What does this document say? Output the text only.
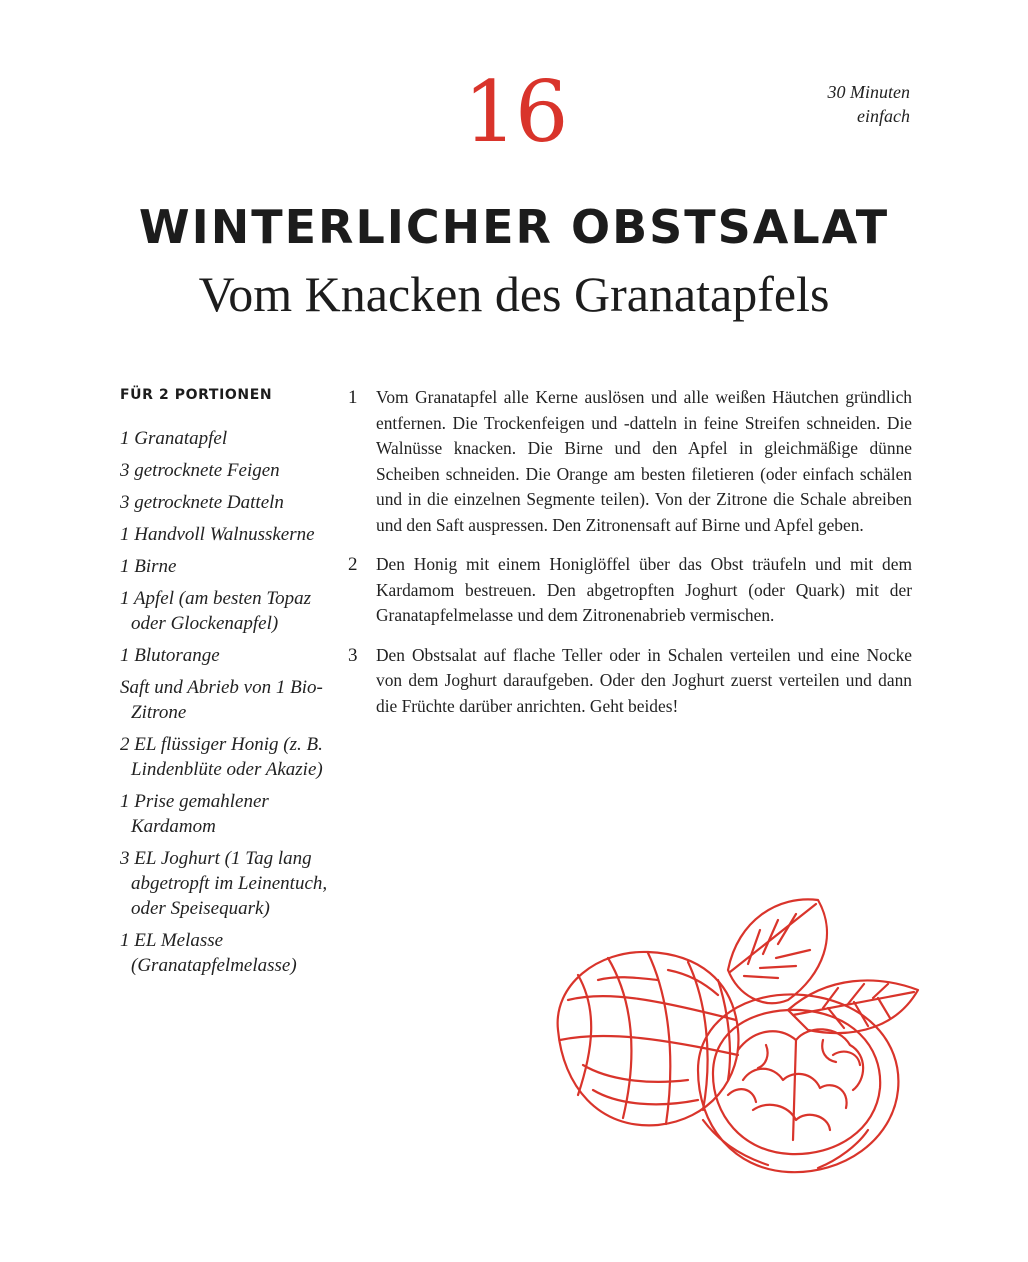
16	30 Minuten
einfach
WINTERLICHER OBSTSALAT
Vom Knacken des Granatapfels
FÜR 2 PORTIONEN
1 Granatapfel
3 getrocknete Feigen
3 getrocknete Datteln
1 Handvoll Walnusskerne
1 Birne
1 Apfel (am besten Topaz oder Glockenapfel)
1 Blutorange
Saft und Abrieb von 1 Bio-Zitrone
2 EL flüssiger Honig (z. B. Lindenblüte oder Akazie)
1 Prise gemahlener Kardamom
3 EL Joghurt (1 Tag lang abgetropft im Leinentuch, oder Speisequark)
1 EL Melasse (Granatapfelmelasse)
1	Vom Granatapfel alle Kerne auslösen und alle weißen Häutchen gründlich entfernen. Die Trockenfeigen und -datteln in feine Streifen schneiden. Die Walnüsse knacken. Die Birne und den Apfel in gleichmäßige dünne Scheiben schneiden. Die Orange am besten filetieren (oder einfach schälen und in die einzelnen Segmente teilen). Von der Zitrone die Schale abreiben und den Saft auspressen. Den Zitronensaft auf Birne und Apfel geben.

2	Den Honig mit einem Honiglöffel über das Obst träufeln und mit dem Kardamom bestreuen. Den abgetropften Joghurt (oder Quark) mit der Granatapfelmelasse und dem Zitronenabrieb vermischen.

3	Den Obstsalat auf flache Teller oder in Schalen verteilen und eine Nocke von dem Joghurt daraufgeben. Oder den Joghurt zuerst verteilen und dann die Früchte darüber anrichten. Geht beides!
